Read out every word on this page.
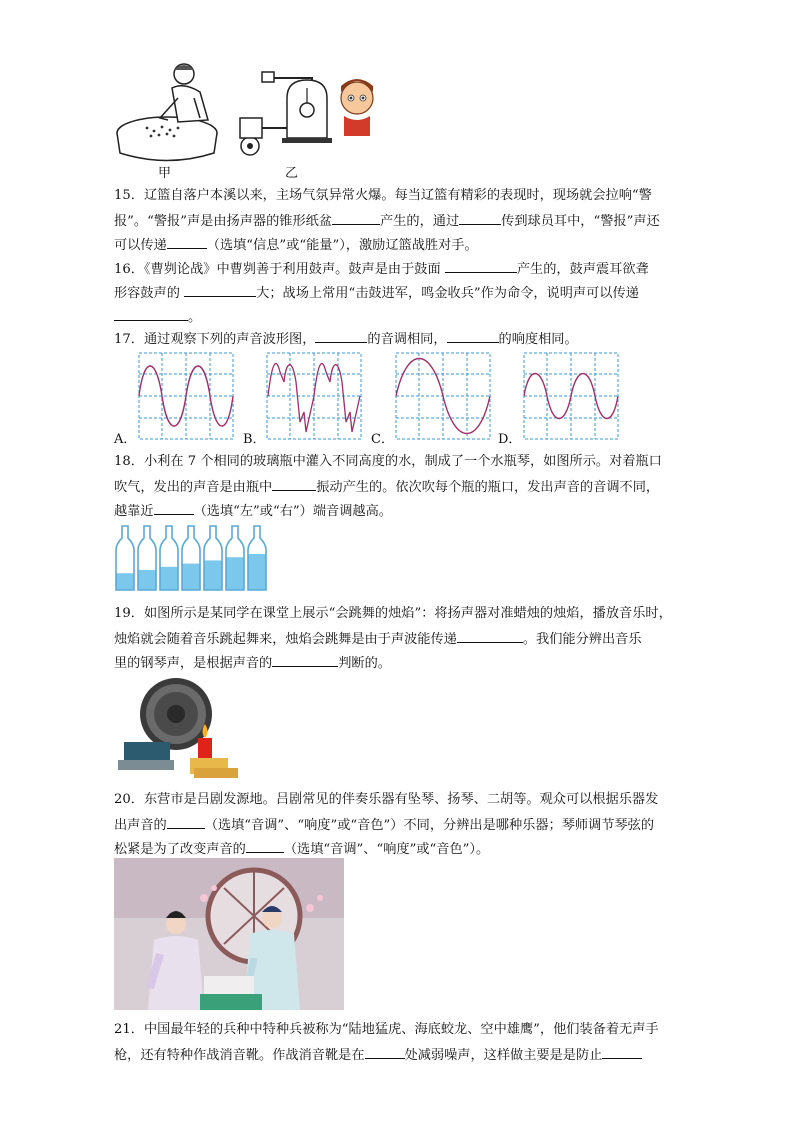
甲	乙
15．辽篮自落户本溪以来，主场气氛异常火爆。每当辽篮有精彩的表现时，现场就会拉响“警
报”。“警报”声是由扬声器的锥形纸盆	产生的，通过	传到球员耳中，“警报”声还
可以传递	（选填“信息”或“能量”），激励辽篮战胜对手。
16．《曹刿论战》中曹刿善于利用鼓声。鼓声是由于鼓面	产生的，鼓声震耳欲聋
形容鼓声的	大；战场上常用“击鼓进军，鸣金收兵”作为命令，说明声可以传递
。
17．通过观察下列的声音波形图，	的音调相同，	的响度相同。
A．	B．	C．	D．
18．小利在 7 个相同的玻璃瓶中灌入不同高度的水，制成了一个水瓶琴，如图所示。对着瓶口
吹气，发出的声音是由瓶中	振动产生的。依次吹每个瓶的瓶口，发出声音的音调不同，
越靠近	（选填“左”或“右”）端音调越高。
19．如图所示是某同学在课堂上展示“会跳舞的烛焰”：将扬声器对准蜡烛的烛焰，播放音乐时，
烛焰就会随着音乐跳起舞来，烛焰会跳舞是由于声波能传递	。我们能分辨出音乐
里的钢琴声，是根据声音的	判断的。
20．东营市是吕剧发源地。吕剧常见的伴奏乐器有坠琴、扬琴、二胡等。观众可以根据乐器发
出声音的	（选填“音调”、“响度”或“音色”）不同，分辨出是哪种乐器；琴师调节琴弦的
松紧是为了改变声音的	（选填“音调”、“响度”或“音色”）。
21．中国最年轻的兵种中特种兵被称为“陆地猛虎、海底蛟龙、空中雄鹰”，他们装备着无声手
枪，还有特种作战消音靴。作战消音靴是在	处减弱噪声，这样做主要是是防止
